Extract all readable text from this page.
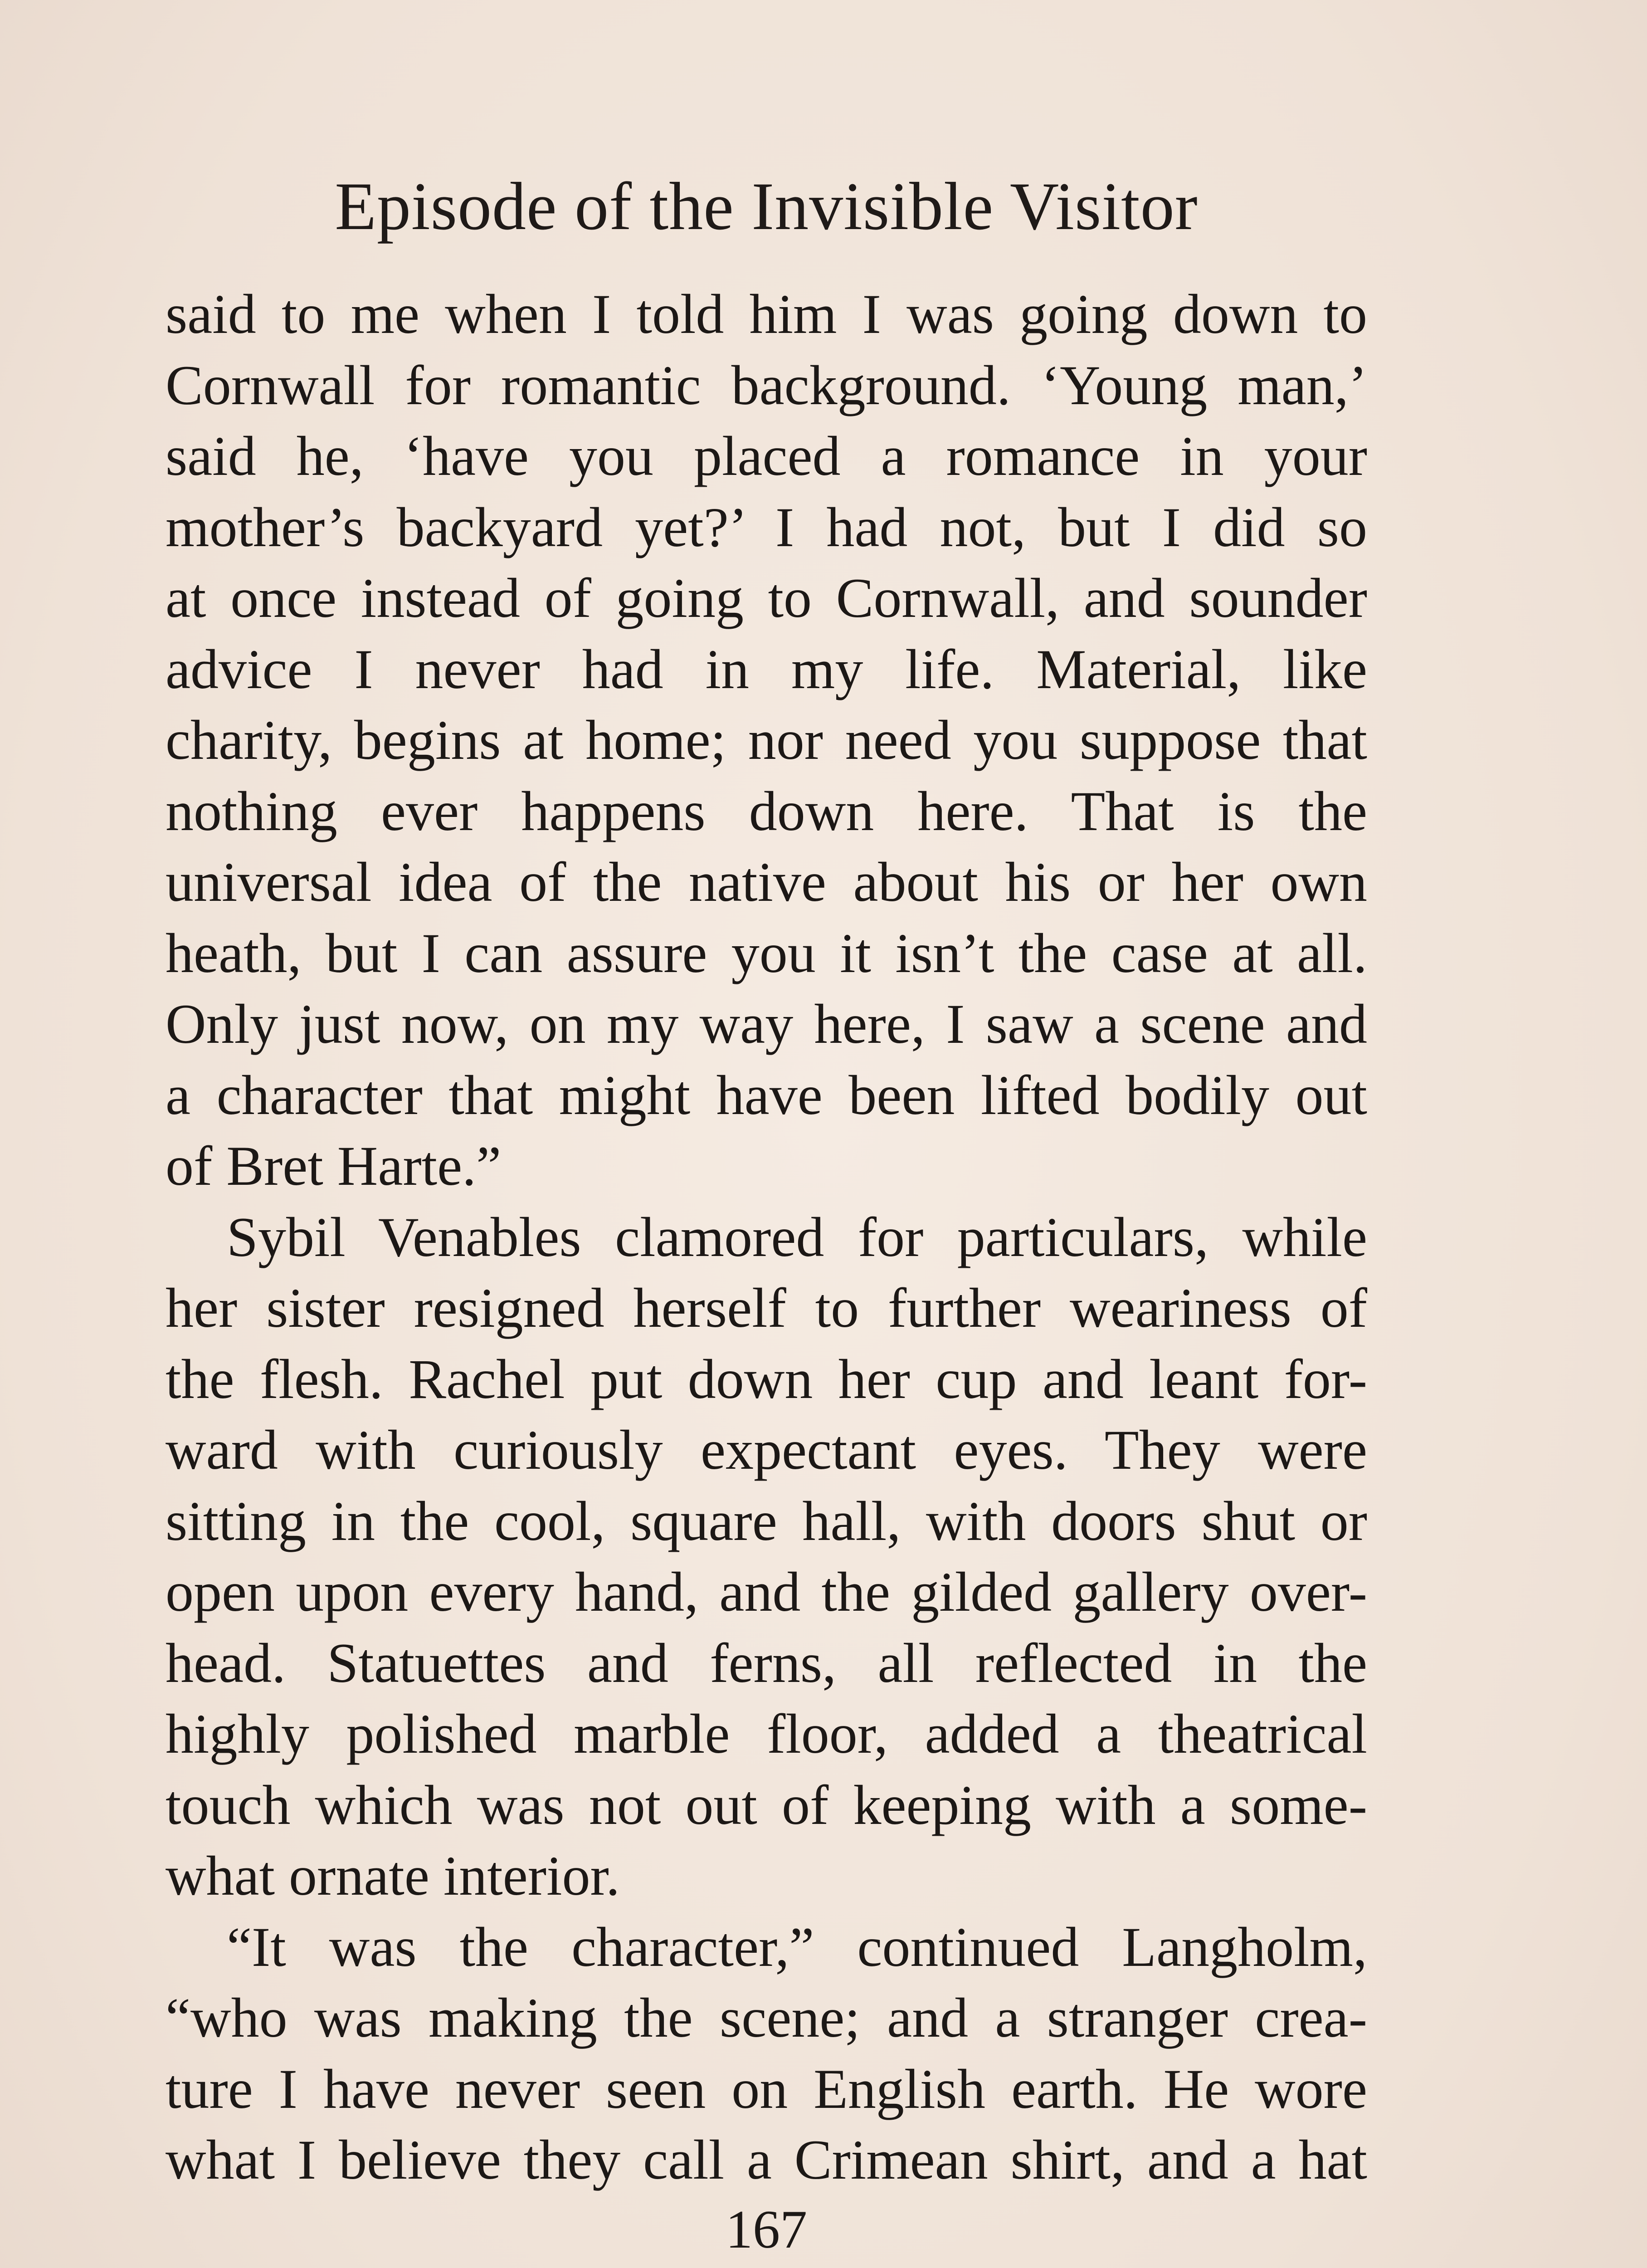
Episode of the Invisible Visitor
said to me when I told him I was going down to
Cornwall for romantic background. ‘Young man,’
said he, ‘have you placed a romance in your
mother’s backyard yet?’ I had not, but I did so
at once instead of going to Cornwall, and sounder
advice I never had in my life. Material, like
charity, begins at home; nor need you suppose that
nothing ever happens down here. That is the
universal idea of the native about his or her own
heath, but I can assure you it isn’t the case at all.
Only just now, on my way here, I saw a scene and
a character that might have been lifted bodily out
of Bret Harte.”
Sybil Venables clamored for particulars, while
her sister resigned herself to further weariness of
the flesh. Rachel put down her cup and leant for-
ward with curiously expectant eyes. They were
sitting in the cool, square hall, with doors shut or
open upon every hand, and the gilded gallery over-
head. Statuettes and ferns, all reflected in the
highly polished marble floor, added a theatrical
touch which was not out of keeping with a some-
what ornate interior.
“It was the character,” continued Langholm,
“who was making the scene; and a stranger crea-
ture I have never seen on English earth. He wore
what I believe they call a Crimean shirt, and a hat
167
